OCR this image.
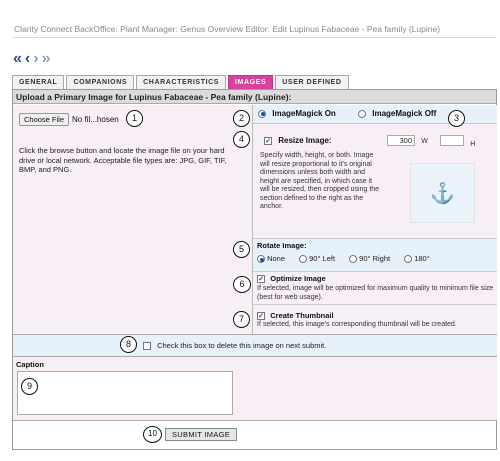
Clarity Connect BackOffice: Plant Manager: Genus Overview Editor: Edit Lupinus Fabaceae - Pea family (Lupine)
« ‹ › »
GENERAL	COMPANIONS	CHARACTERISTICS	IMAGES	USER DEFINED
Upload a Primary Image for Lupinus Fabaceae - Pea family (Lupine):
Choose File	No fil...hosen
Click the browse button and locate the image file on your hard drive or local network. Acceptable file types are: JPG, GIF, TIF, BMP, and PNG.
ImageMagick On	ImageMagick Off
✓ Resize Image:	300 W	H
Specify width, height, or both. Image will resize proportional to it's original dimensions unless both width and height are specified, in which case it will be resized, then cropped using the section defined to the right as the anchor.
⚓
Rotate Image:
None	90° Left	90° Right	180°
✓ Optimize Image
If selected, image will be optimized for maximum quality to minimum file size (best for web usage).
✓ Create Thumbnail
If selected, this image's corresponding thumbnail will be created.
Check this box to delete this image on next submit.
Caption
SUBMIT IMAGE
1	2	3
4
5
6
7
8
9
10
